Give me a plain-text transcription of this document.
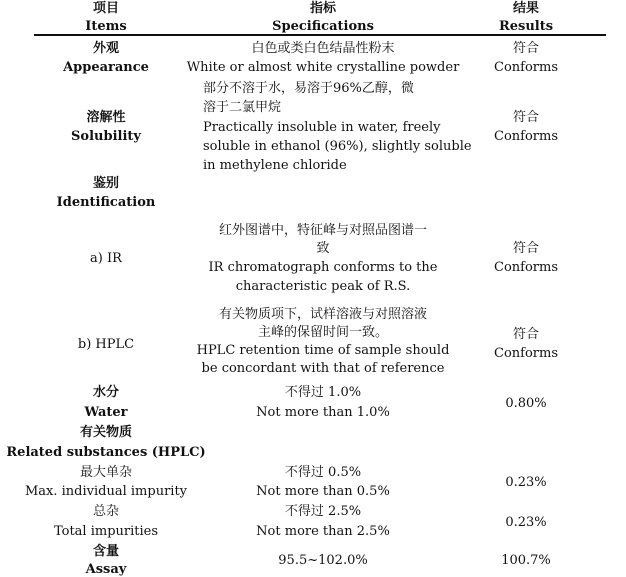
项目
Items
指标
Specifications
结果
Results
外观
Appearance
白色或类白色结晶性粉末
White or almost white crystalline powder
符合
Conforms
溶解性
Solubility
部分不溶于水，易溶于96%乙醇，微
溶于二氯甲烷
Practically insoluble in water, freely
soluble in ethanol (96%), slightly soluble
in methylene chloride
符合
Conforms
鉴别
Identification
a) IR
红外图谱中，特征峰与对照品图谱一
致
IR chromatograph conforms to the
characteristic peak of R.S.
符合
Conforms
b) HPLC
有关物质项下，试样溶液与对照溶液
主峰的保留时间一致。
HPLC retention time of sample should
be concordant with that of reference
符合
Conforms
水分
Water
不得过 1.0%
Not more than 1.0%
0.80%
有关物质
Related substances (HPLC)
最大单杂
Max. individual impurity
不得过 0.5%
Not more than 0.5%
0.23%
总杂
Total impurities
不得过 2.5%
Not more than 2.5%
0.23%
含量
Assay
95.5~102.0%	100.7%
